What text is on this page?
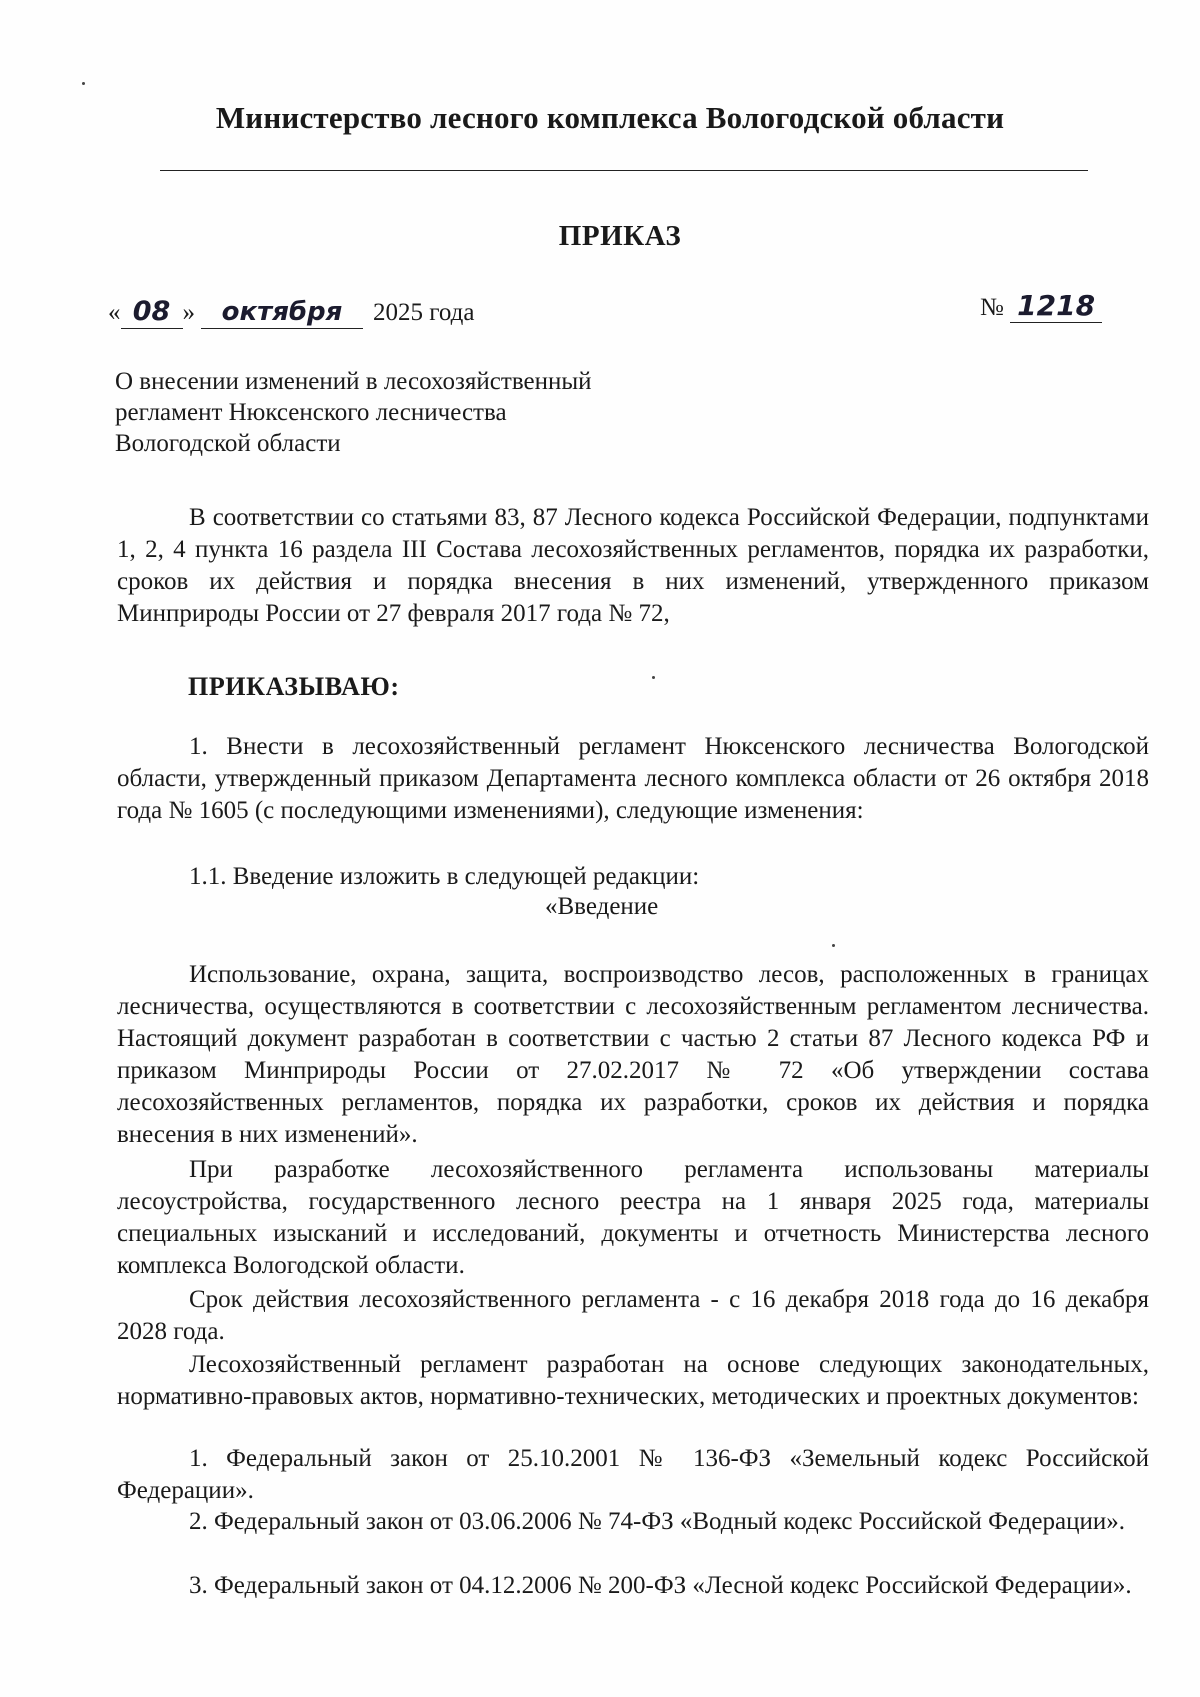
Министерство лесного комплекса Вологодской области
ПРИКАЗ
« 08 » октября 2025 года	№ 1218
О внесении изменений в лесохозяйственный
регламент Нюксенского лесничества
Вологодской области
В соответствии со статьями 83, 87 Лесного кодекса Российской Федерации, подпунктами 1, 2, 4 пункта 16 раздела III Состава лесохозяйственных регламентов, порядка их разработки, сроков их действия и порядка внесения в них изменений, утвержденного приказом Минприроды России от 27 февраля 2017 года № 72,
ПРИКАЗЫВАЮ:
1. Внести в лесохозяйственный регламент Нюксенского лесничества Вологодской области, утвержденный приказом Департамента лесного комплекса области от 26 октября 2018 года № 1605 (с последующими изменениями), следующие изменения:
1.1. Введение изложить в следующей редакции:
«Введение
Использование, охрана, защита, воспроизводство лесов, расположенных в границах лесничества, осуществляются в соответствии с лесохозяйственным регламентом лесничества. Настоящий документ разработан в соответствии с частью 2 статьи 87 Лесного кодекса РФ и приказом Минприроды России от 27.02.2017 № 72 «Об утверждении состава лесохозяйственных регламентов, порядка их разработки, сроков их действия и порядка внесения в них изменений».
При разработке лесохозяйственного регламента использованы материалы лесоустройства, государственного лесного реестра на 1 января 2025 года, материалы специальных изысканий и исследований, документы и отчетность Министерства лесного комплекса Вологодской области.
Срок действия лесохозяйственного регламента - с 16 декабря 2018 года до 16 декабря 2028 года.
Лесохозяйственный регламент разработан на основе следующих законодательных, нормативно-правовых актов, нормативно-технических, методических и проектных документов:
1. Федеральный закон от 25.10.2001 № 136-ФЗ «Земельный кодекс Российской Федерации».
2. Федеральный закон от 03.06.2006 № 74-ФЗ «Водный кодекс Российской Федерации».
3. Федеральный закон от 04.12.2006 № 200-ФЗ «Лесной кодекс Российской Федерации».
